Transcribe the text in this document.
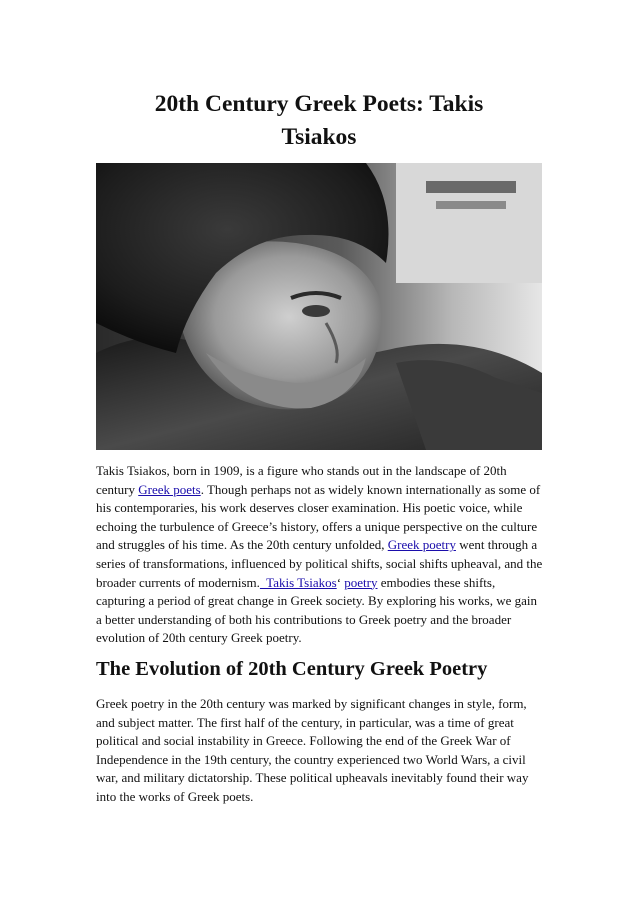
20th Century Greek Poets: Takis
Tsiakos

Takis Tsiakos, born in 1909, is a figure who stands out in the landscape of 20th
century Greek poets. Though perhaps not as widely known internationally as some of
his contemporaries, his work deserves closer examination. His poetic voice, while
echoing the turbulence of Greece’s history, offers a unique perspective on the culture
and struggles of his time. As the 20th century unfolded, Greek poetry went through a
series of transformations, influenced by political shifts, social shifts upheaval, and the
broader currents of modernism.  Takis Tsiakos‘ poetry embodies these shifts,
capturing a period of great change in Greek society. By exploring his works, we gain
a better understanding of both his contributions to Greek poetry and the broader
evolution of 20th century Greek poetry.

The Evolution of 20th Century Greek Poetry

Greek poetry in the 20th century was marked by significant changes in style, form,
and subject matter. The first half of the century, in particular, was a time of great
political and social instability in Greece. Following the end of the Greek War of
Independence in the 19th century, the country experienced two World Wars, a civil
war, and military dictatorship. These political upheavals inevitably found their way
into the works of Greek poets.
